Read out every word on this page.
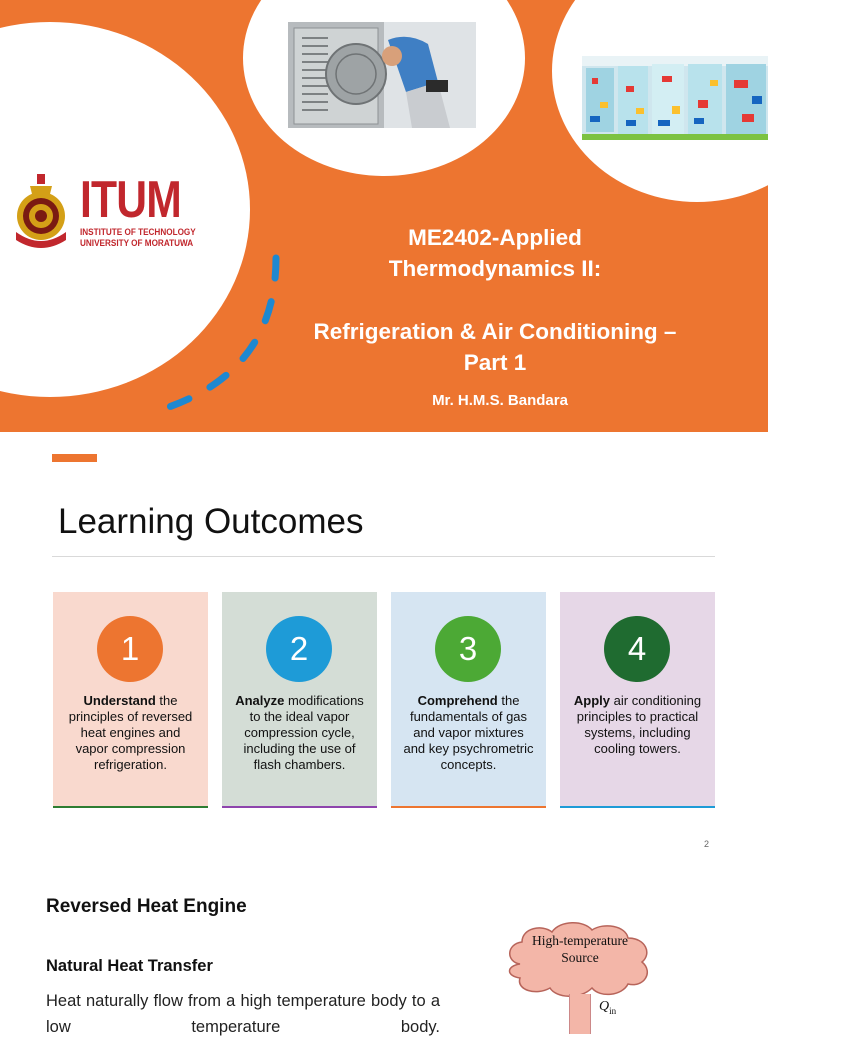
ITUM
INSTITUTE OF TECHNOLOGY
UNIVERSITY OF MORATUWA	ME2402-Applied
Thermodynamics II:
Refrigeration & Air Conditioning –
Part 1
Mr. H.M.S. Bandara
Learning Outcomes
1
Understand the principles of reversed heat engines and vapor compression refrigeration.
2
Analyze modifications to the ideal vapor compression cycle, including the use of flash chambers.
3
Comprehend the fundamentals of gas and vapor mixtures and key psychrometric concepts.
4
Apply air conditioning principles to practical systems, including cooling towers.
2
Reversed Heat Engine
Natural Heat Transfer
Heat naturally flow from a high temperature body to a low temperature body.
High-temperature
Source
$Q_{in}$
